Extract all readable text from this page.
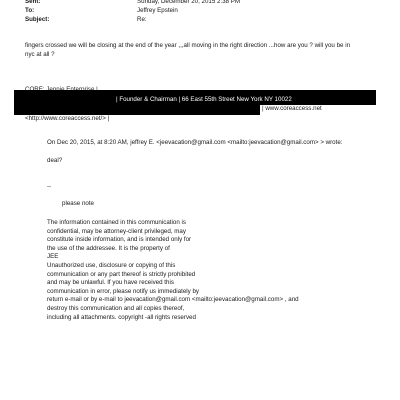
Sent:	Sunday, December 20, 2015 2:38 PM
To:	Jeffrey Epstein
Subject:	Re:
fingers crossed we will be closing at the end of the year ,,,all moving in the right direction ...how are you ? will you be in
nyc at all ?
| Founder & Chairman | 66 East 55th Street New York NY 10022
| www.coreaccess.net
<http://www.coreaccess.net/> |
On Dec 20, 2015, at 8:20 AM, jeffrey E. <jeevacation@gmail.com <mailto:jeevacation@gmail.com> > wrote:
deal?
--
please note
The information contained in this communication is
confidential, may be attorney-client privileged, may
constitute inside information, and is intended only for
the use of the addressee. It is the property of
JEE
Unauthorized use, disclosure or copying of this
communication or any part thereof is strictly prohibited
and may be unlawful. If you have received this
communication in error, please notify us immediately by
return e-mail or by e-mail to jeevacation@gmail.com <mailto:jeevacation@gmail.com> , and
destroy this communication and all copies thereof,
including all attachments. copyright -all rights reserved
